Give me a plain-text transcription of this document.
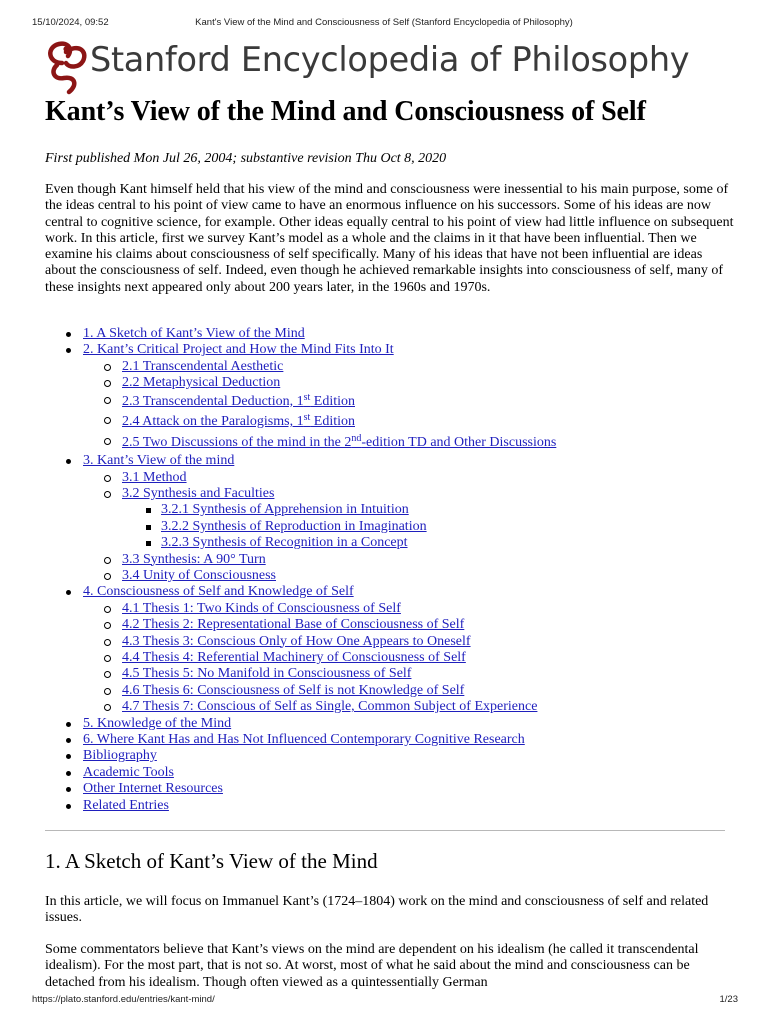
15/10/2024, 09:52	Kant's View of the Mind and Consciousness of Self (Stanford Encyclopedia of Philosophy)
Stanford Encyclopedia of Philosophy
Kant’s View of the Mind and Consciousness of Self
First published Mon Jul 26, 2004; substantive revision Thu Oct 8, 2020

Even though Kant himself held that his view of the mind and consciousness were inessential to his main purpose, some of the ideas central to his point of view came to have an enormous influence on his successors. Some of his ideas are now central to cognitive science, for example. Other ideas equally central to his point of view had little influence on subsequent work. In this article, first we survey Kant’s model as a whole and the claims in it that have been influential. Then we examine his claims about consciousness of self specifically. Many of his ideas that have not been influential are ideas about the consciousness of self. Indeed, even though he achieved remarkable insights into consciousness of self, many of these insights next appeared only about 200 years later, in the 1960s and 1970s.

1. A Sketch of Kant’s View of the Mind
2. Kant’s Critical Project and How the Mind Fits Into It
2.1 Transcendental Aesthetic
2.2 Metaphysical Deduction
2.3 Transcendental Deduction, 1st Edition
2.4 Attack on the Paralogisms, 1st Edition
2.5 Two Discussions of the mind in the 2nd-edition TD and Other Discussions
3. Kant’s View of the mind
3.1 Method
3.2 Synthesis and Faculties
3.2.1 Synthesis of Apprehension in Intuition
3.2.2 Synthesis of Reproduction in Imagination
3.2.3 Synthesis of Recognition in a Concept
3.3 Synthesis: A 90° Turn
3.4 Unity of Consciousness
4. Consciousness of Self and Knowledge of Self
4.1 Thesis 1: Two Kinds of Consciousness of Self
4.2 Thesis 2: Representational Base of Consciousness of Self
4.3 Thesis 3: Conscious Only of How One Appears to Oneself
4.4 Thesis 4: Referential Machinery of Consciousness of Self
4.5 Thesis 5: No Manifold in Consciousness of Self
4.6 Thesis 6: Consciousness of Self is not Knowledge of Self
4.7 Thesis 7: Conscious of Self as Single, Common Subject of Experience
5. Knowledge of the Mind
6. Where Kant Has and Has Not Influenced Contemporary Cognitive Research
Bibliography
Academic Tools
Other Internet Resources
Related Entries
1. A Sketch of Kant’s View of the Mind

In this article, we will focus on Immanuel Kant’s (1724–1804) work on the mind and consciousness of self and related issues.

Some commentators believe that Kant’s views on the mind are dependent on his idealism (he called it transcendental idealism). For the most part, that is not so. At worst, most of what he said about the mind and consciousness can be detached from his idealism. Though often viewed as a quintessentially German

https://plato.stanford.edu/entries/kant-mind/	1/23
